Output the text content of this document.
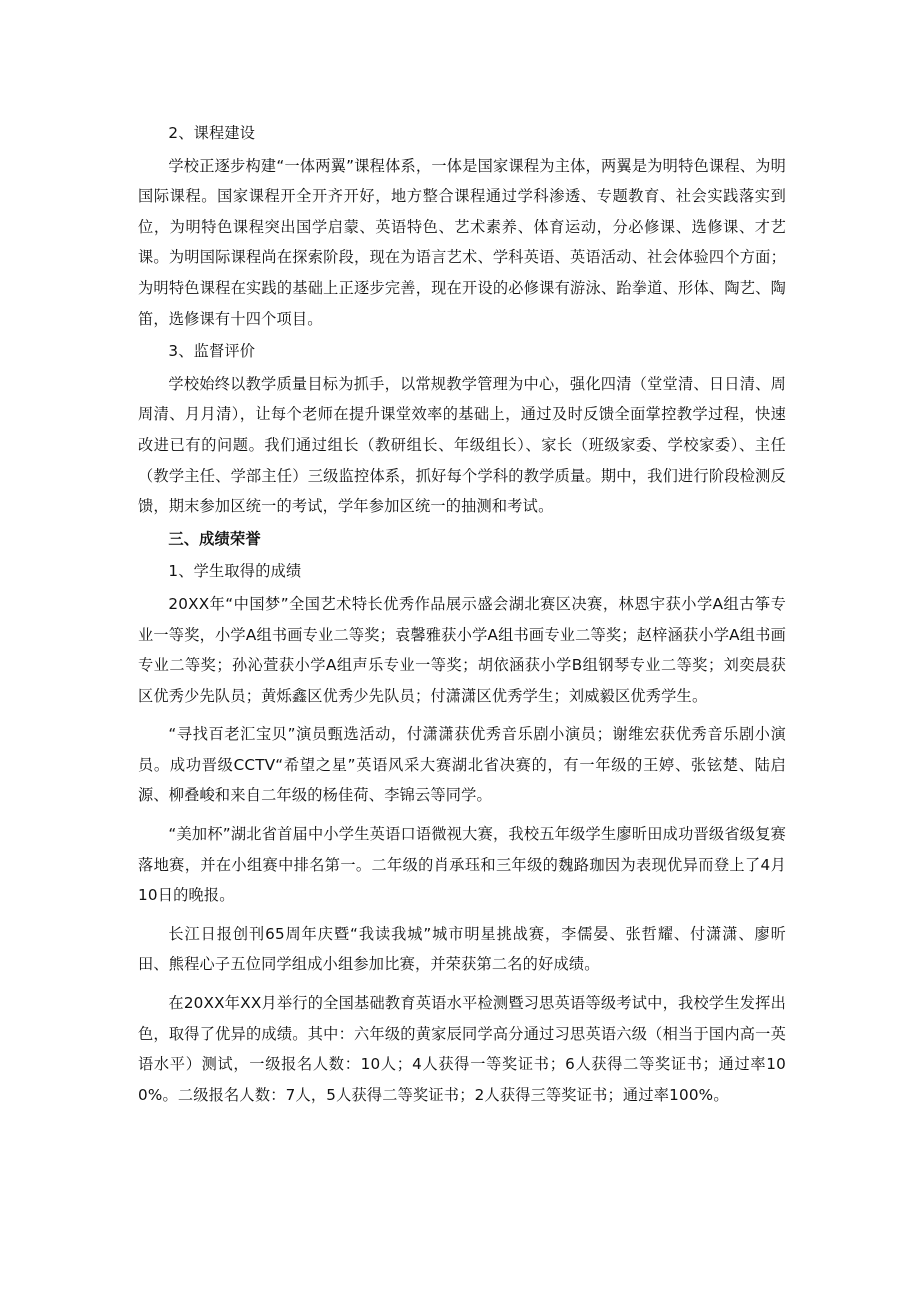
2、课程建设

学校正逐步构建“一体两翼”课程体系，一体是国家课程为主体，两翼是为明特色课程、为明国际课程。国家课程开全开齐开好，地方整合课程通过学科渗透、专题教育、社会实践落实到位，为明特色课程突出国学启蒙、英语特色、艺术素养、体育运动，分必修课、选修课、才艺课。为明国际课程尚在探索阶段，现在为语言艺术、学科英语、英语活动、社会体验四个方面；为明特色课程在实践的基础上正逐步完善，现在开设的必修课有游泳、跆拳道、形体、陶艺、陶笛，选修课有十四个项目。

3、监督评价

学校始终以教学质量目标为抓手，以常规教学管理为中心，强化四清（堂堂清、日日清、周周清、月月清），让每个老师在提升课堂效率的基础上，通过及时反馈全面掌控教学过程，快速改进已有的问题。我们通过组长（教研组长、年级组长）、家长（班级家委、学校家委）、主任（教学主任、学部主任）三级监控体系，抓好每个学科的教学质量。期中，我们进行阶段检测反馈，期末参加区统一的考试，学年参加区统一的抽测和考试。

三、成绩荣誉

1、学生取得的成绩

20XX年“中国梦”全国艺术特长优秀作品展示盛会湖北赛区决赛，林恩宇获小学A组古筝专业一等奖，小学A组书画专业二等奖；袁馨雅获小学A组书画专业二等奖；赵梓涵获小学A组书画专业二等奖；孙沁萱获小学A组声乐专业一等奖；胡依涵获小学B组钢琴专业二等奖；刘奕晨获区优秀少先队员；黄烁鑫区优秀少先队员；付潇潇区优秀学生；刘威毅区优秀学生。

“寻找百老汇宝贝”演员甄选活动，付潇潇获优秀音乐剧小演员；谢维宏获优秀音乐剧小演员。成功晋级CCTV“希望之星”英语风采大赛湖北省决赛的，有一年级的王婷、张铉楚、陆启源、柳叠峻和来自二年级的杨佳荷、李锦云等同学。

“美加杯”湖北省首届中小学生英语口语微视大赛，我校五年级学生廖昕田成功晋级省级复赛落地赛，并在小组赛中排名第一。二年级的肖承珏和三年级的魏路珈因为表现优异而登上了4月10日的晚报。

长江日报创刊65周年庆暨“我读我城”城市明星挑战赛，李儒晏、张哲耀、付潇潇、廖昕田、熊程心子五位同学组成小组参加比赛，并荣获第二名的好成绩。

在20XX年XX月举行的全国基础教育英语水平检测暨习思英语等级考试中，我校学生发挥出色，取得了优异的成绩。其中：六年级的黄家辰同学高分通过习思英语六级（相当于国内高一英语水平）测试，一级报名人数：10人；4人获得一等奖证书；6人获得二等奖证书；通过率100%。二级报名人数：7人，5人获得二等奖证书；2人获得三等奖证书；通过率100%。
